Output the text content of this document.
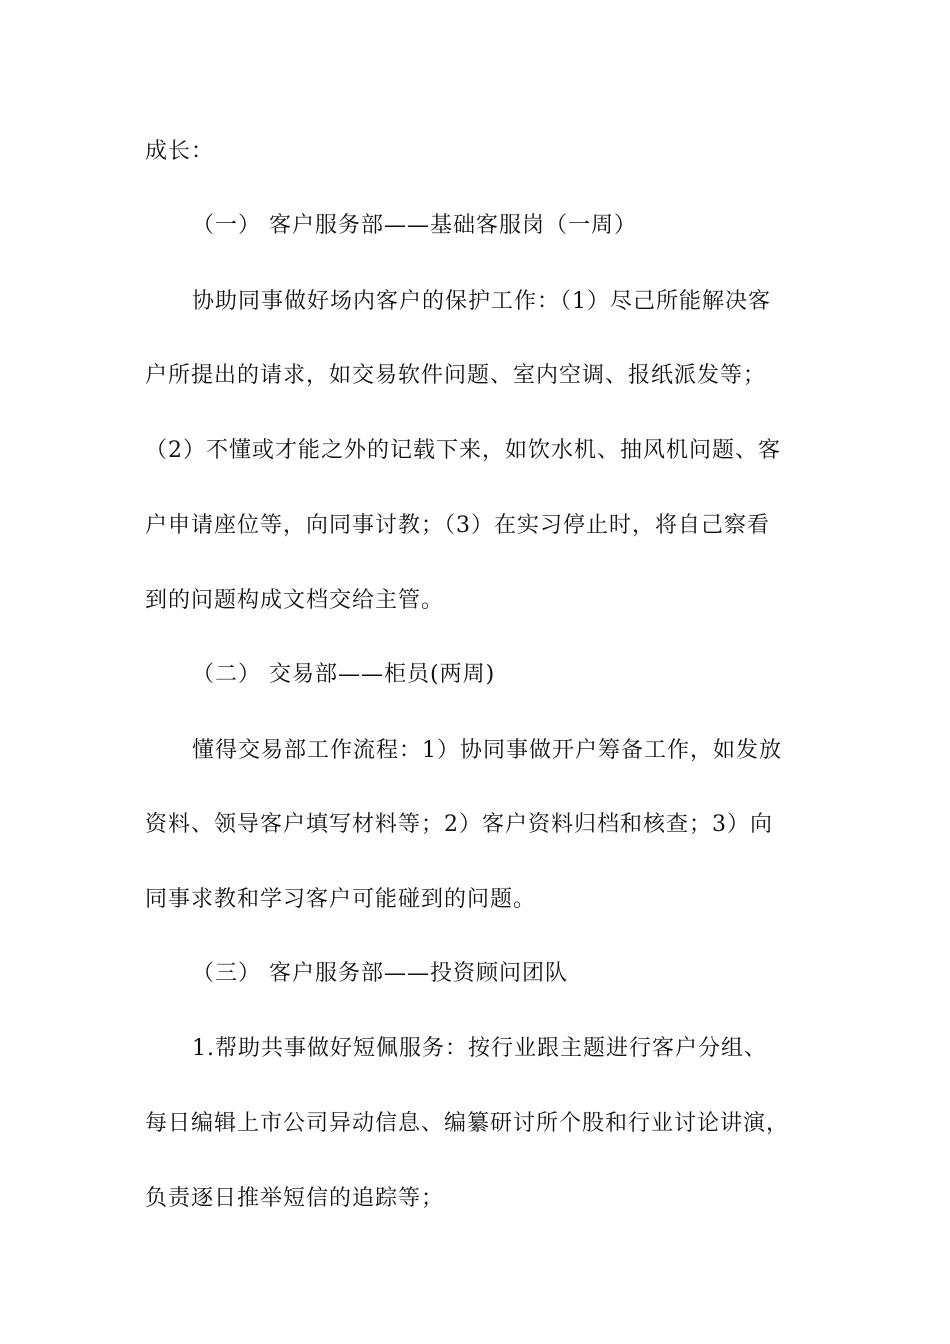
成长：
（一） 客户服务部——基础客服岗（一周）
协助同事做好场内客户的保护工作：（1）尽己所能解决客
户所提出的请求，如交易软件问题、室内空调、报纸派发等；
（2）不懂或才能之外的记载下来，如饮水机、抽风机问题、客
户申请座位等，向同事讨教；（3）在实习停止时，将自己察看
到的问题构成文档交给主管。
（二） 交易部——柜员(两周)
懂得交易部工作流程：1）协同事做开户筹备工作，如发放
资料、领导客户填写材料等；2）客户资料归档和核查；3）向
同事求教和学习客户可能碰到的问题。
（三） 客户服务部——投资顾问团队
1.帮助共事做好短佩服务：按行业跟主题进行客户分组、
每日编辑上市公司异动信息、编纂研讨所个股和行业讨论讲演，
负责逐日推举短信的追踪等；
